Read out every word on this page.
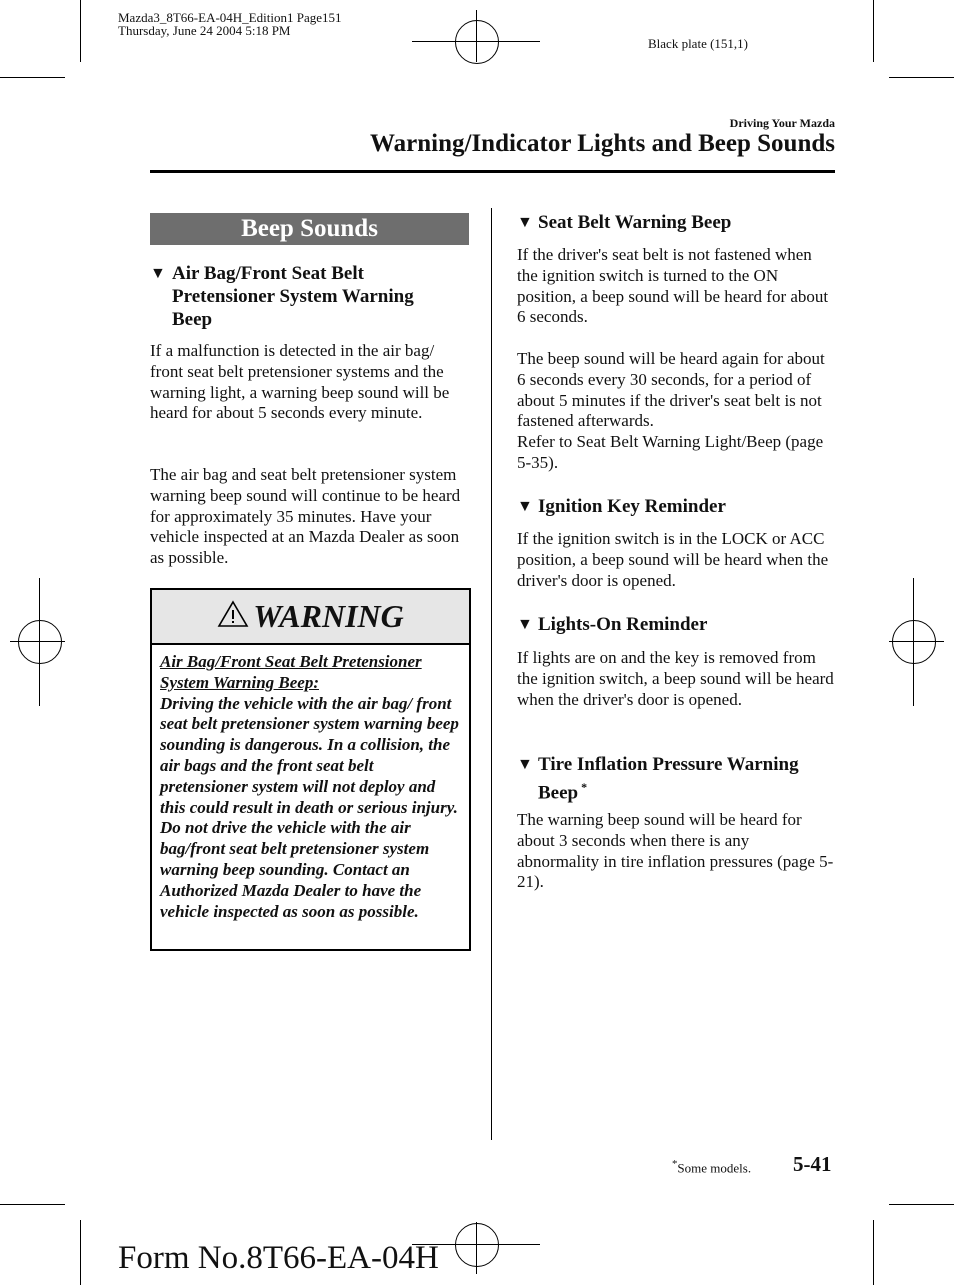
Mazda3_8T66-EA-04H_Edition1 Page151
Thursday, June 24 2004 5:18 PM
Black plate (151,1)
Driving Your Mazda
Warning/Indicator Lights and Beep Sounds
Beep Sounds
▼ Air Bag/Front Seat Belt Pretensioner System Warning Beep

If a malfunction is detected in the air bag/ front seat belt pretensioner systems and the warning light, a warning beep sound will be heard for about 5 seconds every minute.

The air bag and seat belt pretensioner system warning beep sound will continue to be heard for approximately 35 minutes. Have your vehicle inspected at an Mazda Dealer as soon as possible.

WARNING
Air Bag/Front Seat Belt Pretensioner System Warning Beep:

Driving the vehicle with the air bag/ front seat belt pretensioner system warning beep sounding is dangerous. In a collision, the air bags and the front seat belt pretensioner system will not deploy and this could result in death or serious injury.

Do not drive the vehicle with the air bag/front seat belt pretensioner system warning beep sounding. Contact an Authorized Mazda Dealer to have the vehicle inspected as soon as possible.

▼ Seat Belt Warning Beep

If the driver's seat belt is not fastened when the ignition switch is turned to the ON position, a beep sound will be heard for about 6 seconds.

The beep sound will be heard again for about 6 seconds every 30 seconds, for a period of about 5 minutes if the driver's seat belt is not fastened afterwards.

Refer to Seat Belt Warning Light/Beep (page 5-35).

▼ Ignition Key Reminder

If the ignition switch is in the LOCK or ACC position, a beep sound will be heard when the driver's door is opened.

▼ Lights-On Reminder

If lights are on and the key is removed from the ignition switch, a beep sound will be heard when the driver's door is opened.

▼ Tire Inflation Pressure Warning Beep *

The warning beep sound will be heard for about 3 seconds when there is any abnormality in tire inflation pressures (page 5-21).

*Some models. 5-41
Form No.8T66-EA-04H
